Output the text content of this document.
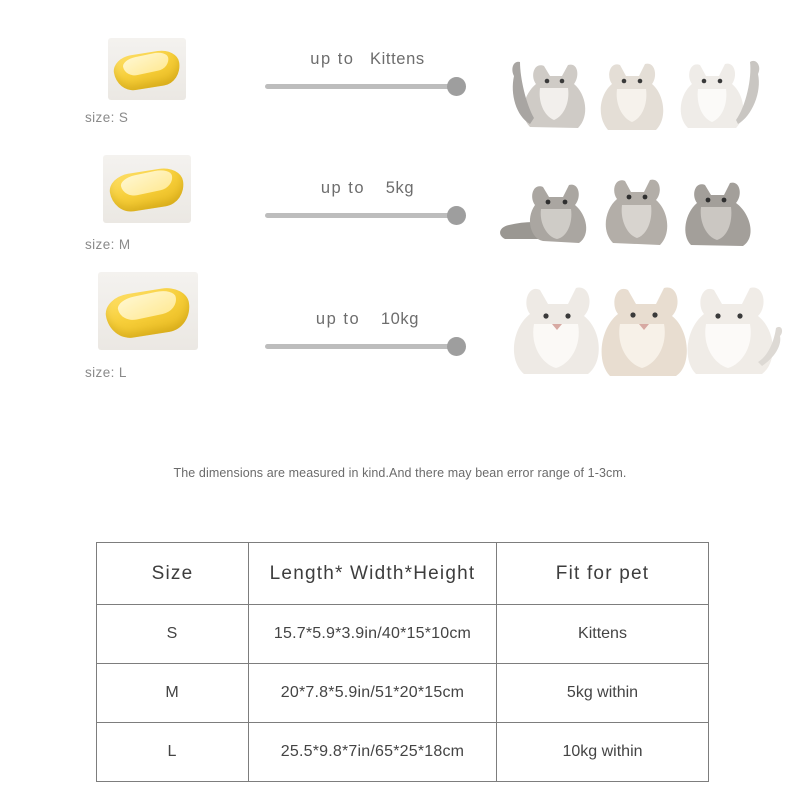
size: S
up to Kittens
size: M
up to 5kg
size: L
up to 10kg
The dimensions are measured in kind.And there may bean error range of 1-3cm.
Size	Length* Width*Height	Fit for pet
S	15.7*5.9*3.9in/40*15*10cm	Kittens
M	20*7.8*5.9in/51*20*15cm	5kg within
L	25.5*9.8*7in/65*25*18cm	10kg within
